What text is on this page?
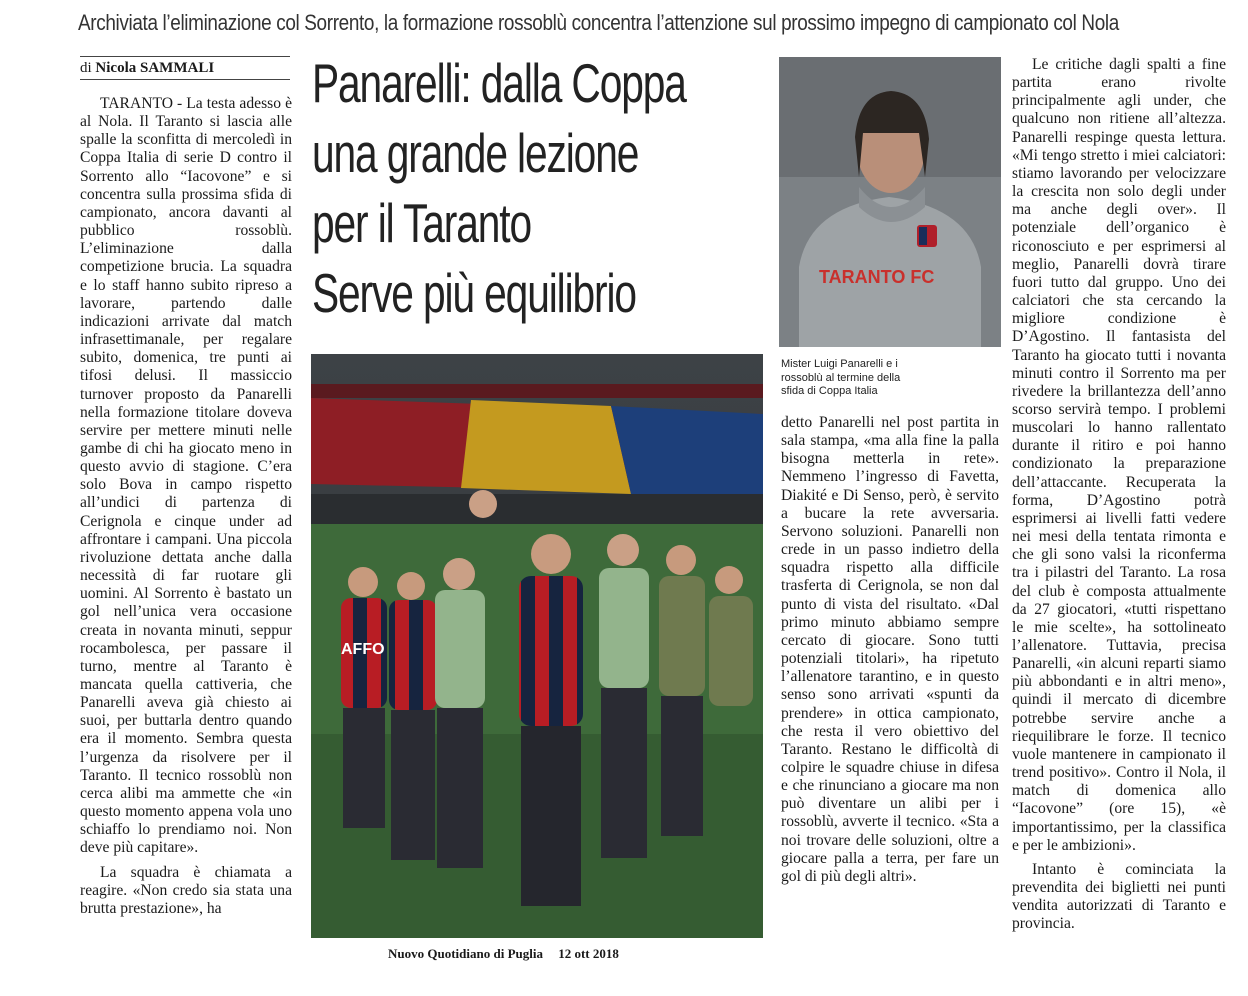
Archiviata l’eliminazione col Sorrento, la formazione rossoblù concentra l’attenzione sul prossimo impegno di campionato col Nola
di Nicola SAMMALI

TARANTO - La testa adesso è al Nola. Il Taranto si lascia alle spalle la sconfitta di mercoledì in Coppa Italia di serie D contro il Sorrento allo “Iacovone” e si concentra sulla prossima sfida di campionato, ancora davanti al pubblico rossoblù. L’eliminazione dalla competizione brucia. La squadra e lo staff hanno subito ripreso a lavorare, partendo dalle indicazioni arrivate dal match infrasettimanale, per regalare subito, domenica, tre punti ai tifosi delusi. Il massiccio turnover proposto da Panarelli nella formazione titolare doveva servire per mettere minuti nelle gambe di chi ha giocato meno in questo avvio di stagione. C’era solo Bova in campo rispetto all’undici di partenza di Cerignola e cinque under ad affrontare i campani. Una piccola rivoluzione dettata anche dalla necessità di far ruotare gli uomini. Al Sorrento è bastato un gol nell’unica vera occasione creata in novanta minuti, seppur rocambolesca, per passare il turno, mentre al Taranto è mancata quella cattiveria, che Panarelli aveva già chiesto ai suoi, per buttarla dentro quando era il momento. Sembra questa l’urgenza da risolvere per il Taranto. Il tecnico rossoblù non cerca alibi ma ammette che «in questo momento appena vola uno schiaffo lo prendiamo noi. Non deve più capitare».

La squadra è chiamata a reagire. «Non credo sia stata una brutta prestazione», ha

Panarelli: dalla Coppa
una grande lezione
per il Taranto
Serve più equilibrio
AFFO
TARANTO FC
Mister Luigi Panarelli e i rossoblù al termine della sfida di Coppa Italia

detto Panarelli nel post partita in sala stampa, «ma alla fine la palla bisogna metterla in rete». Nemmeno l’ingresso di Favetta, Diakité e Di Senso, però, è servito a bucare la rete avversaria. Servono soluzioni. Panarelli non crede in un passo indietro della squadra rispetto alla difficile trasferta di Cerignola, se non dal punto di vista del risultato. «Dal primo minuto abbiamo sempre cercato di giocare. Sono tutti potenziali titolari», ha ripetuto l’allenatore tarantino, e in questo senso sono arrivati «spunti da prendere» in ottica campionato, che resta il vero obiettivo del Taranto. Restano le difficoltà di colpire le squadre chiuse in difesa e che rinunciano a giocare ma non può diventare un alibi per i rossoblù, avverte il tecnico. «Sta a noi trovare delle soluzioni, oltre a giocare palla a terra, per fare un gol di più degli altri».

Le critiche dagli spalti a fine partita erano rivolte principalmente agli under, che qualcuno non ritiene all’altezza. Panarelli respinge questa lettura. «Mi tengo stretto i miei calciatori: stiamo lavorando per velocizzare la crescita non solo degli under ma anche degli over». Il potenziale dell’organico è riconosciuto e per esprimersi al meglio, Panarelli dovrà tirare fuori tutto dal gruppo. Uno dei calciatori che sta cercando la migliore condizione è D’Agostino. Il fantasista del Taranto ha giocato tutti i novanta minuti contro il Sorrento ma per rivedere la brillantezza dell’anno scorso servirà tempo. I problemi muscolari lo hanno rallentato durante il ritiro e poi hanno condizionato la preparazione dell’attaccante. Recuperata la forma, D’Agostino potrà esprimersi ai livelli fatti vedere nei mesi della tentata rimonta e che gli sono valsi la riconferma tra i pilastri del Taranto. La rosa del club è composta attualmente da 27 giocatori, «tutti rispettano le mie scelte», ha sottolineato l’allenatore. Tuttavia, precisa Panarelli, «in alcuni reparti siamo più abbondanti e in altri meno», quindi il mercato di dicembre potrebbe servire anche a riequilibrare le forze. Il tecnico vuole mantenere in campionato il trend positivo». Contro il Nola, il match di domenica allo “Iacovone” (ore 15), «è importantissimo, per la classifica e per le ambizioni».

Intanto è cominciata la prevendita dei biglietti nei punti vendita autorizzati di Taranto e provincia.

Nuovo Quotidiano di Puglia 12 ott 2018
